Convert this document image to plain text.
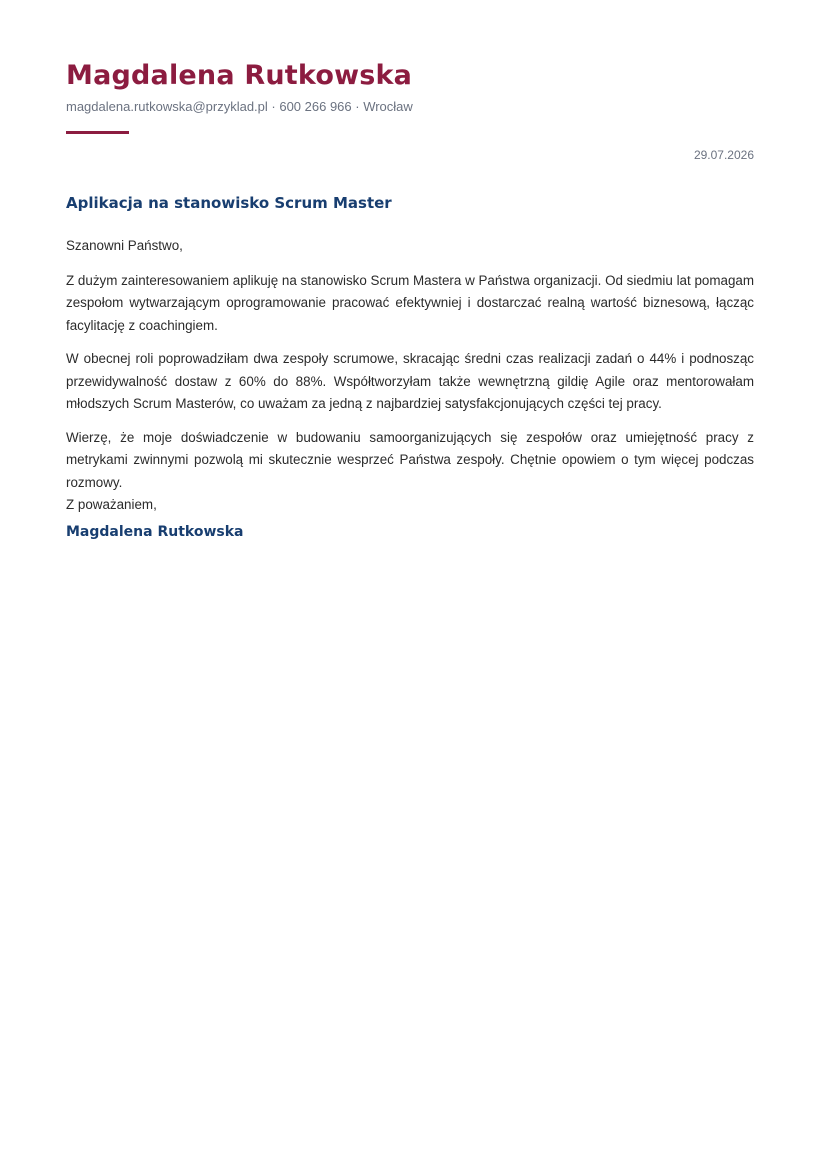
Magdalena Rutkowska
magdalena.rutkowska@przyklad.pl · 600 266 966 · Wrocław
29.07.2026
Aplikacja na stanowisko Scrum Master

Szanowni Państwo,

Z dużym zainteresowaniem aplikuję na stanowisko Scrum Mastera w Państwa organizacji. Od siedmiu lat pomagam zespołom wytwarzającym oprogramowanie pracować efektywniej i dostarczać realną wartość biznesową, łącząc facylitację z coachingiem.

W obecnej roli poprowadziłam dwa zespoły scrumowe, skracając średni czas realizacji zadań o 44% i podnosząc przewidywalność dostaw z 60% do 88%. Współtworzyłam także wewnętrzną gildię Agile oraz mentorowałam młodszych Scrum Masterów, co uważam za jedną z najbardziej satysfakcjonujących części tej pracy.

Wierzę, że moje doświadczenie w budowaniu samoorganizujących się zespołów oraz umiejętność pracy z metrykami zwinnymi pozwolą mi skutecznie wesprzeć Państwa zespoły. Chętnie opowiem o tym więcej podczas rozmowy.

Z poważaniem,
Magdalena Rutkowska
